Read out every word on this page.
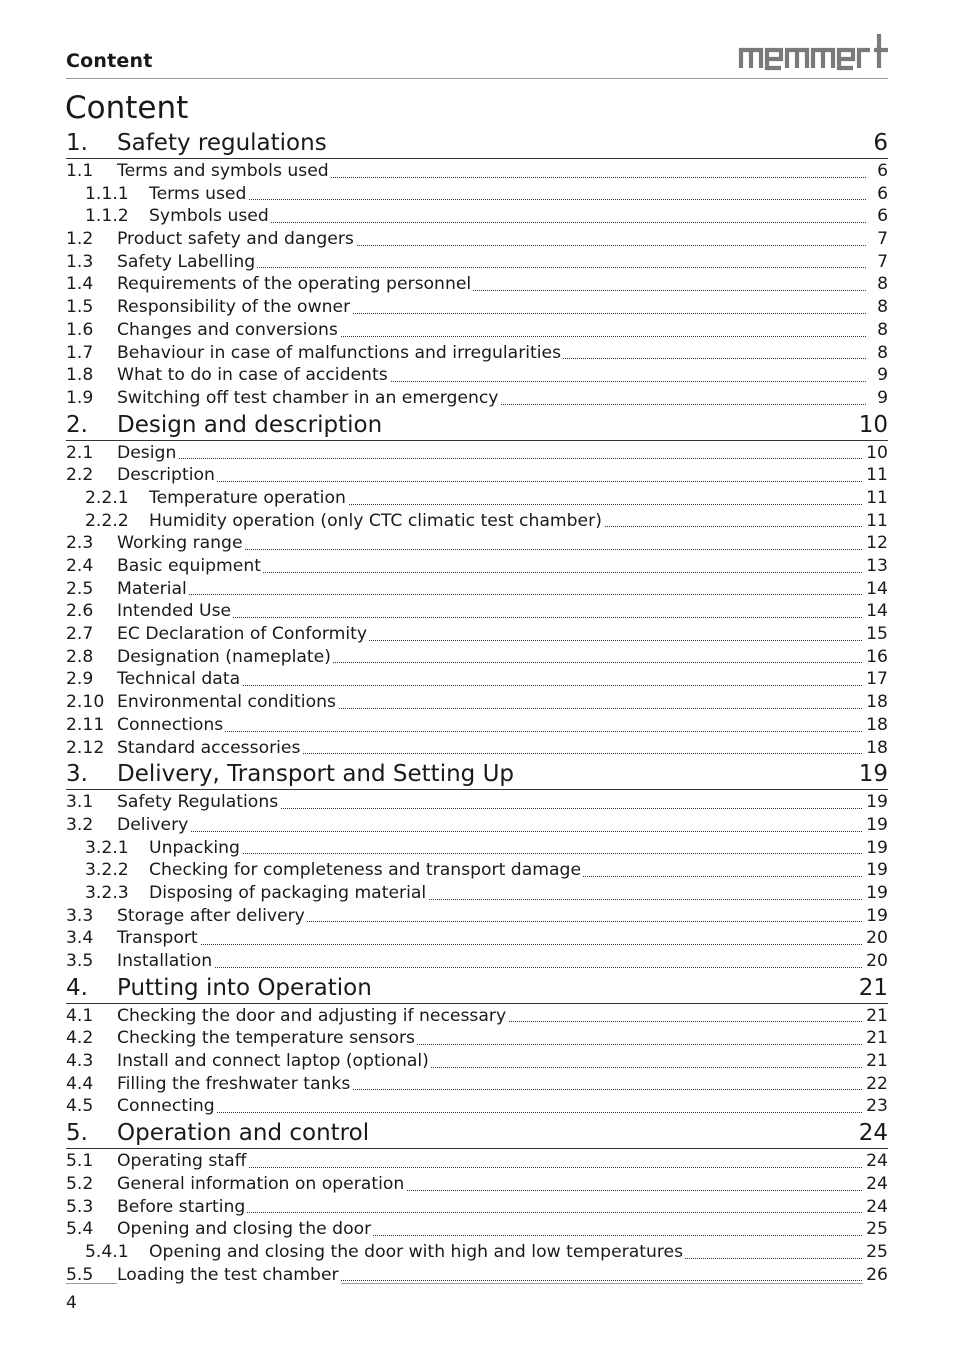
Content
Content
1. Safety regulations	6
1.1 Terms and symbols used	6
1.1.1 Terms used	6
1.1.2 Symbols used	6
1.2 Product safety and dangers	7
1.3 Safety Labelling	7
1.4 Requirements of the operating personnel	8
1.5 Responsibility of the owner	8
1.6 Changes and conversions	8
1.7 Behaviour in case of malfunctions and irregularities	8
1.8 What to do in case of accidents	9
1.9 Switching off test chamber in an emergency	9
2. Design and description	10
2.1 Design	10
2.2 Description	11
2.2.1 Temperature operation	11
2.2.2 Humidity operation (only CTC climatic test chamber)	11
2.3 Working range	12
2.4 Basic equipment	13
2.5 Material	14
2.6 Intended Use	14
2.7 EC Declaration of Conformity	15
2.8 Designation (nameplate)	16
2.9 Technical data	17
2.10 Environmental conditions	18
2.11 Connections	18
2.12 Standard accessories	18
3. Delivery, Transport and Setting Up	19
3.1 Safety Regulations	19
3.2 Delivery	19
3.2.1 Unpacking	19
3.2.2 Checking for completeness and transport damage	19
3.2.3 Disposing of packaging material	19
3.3 Storage after delivery	19
3.4 Transport	20
3.5 Installation	20
4. Putting into Operation	21
4.1 Checking the door and adjusting if necessary	21
4.2 Checking the temperature sensors	21
4.3 Install and connect laptop (optional)	21
4.4 Filling the freshwater tanks	22
4.5 Connecting	23
5. Operation and control	24
5.1 Operating staff	24
5.2 General information on operation	24
5.3 Before starting	24
5.4 Opening and closing the door	25
5.4.1 Opening and closing the door with high and low temperatures	25
5.5 Loading the test chamber	26
4
